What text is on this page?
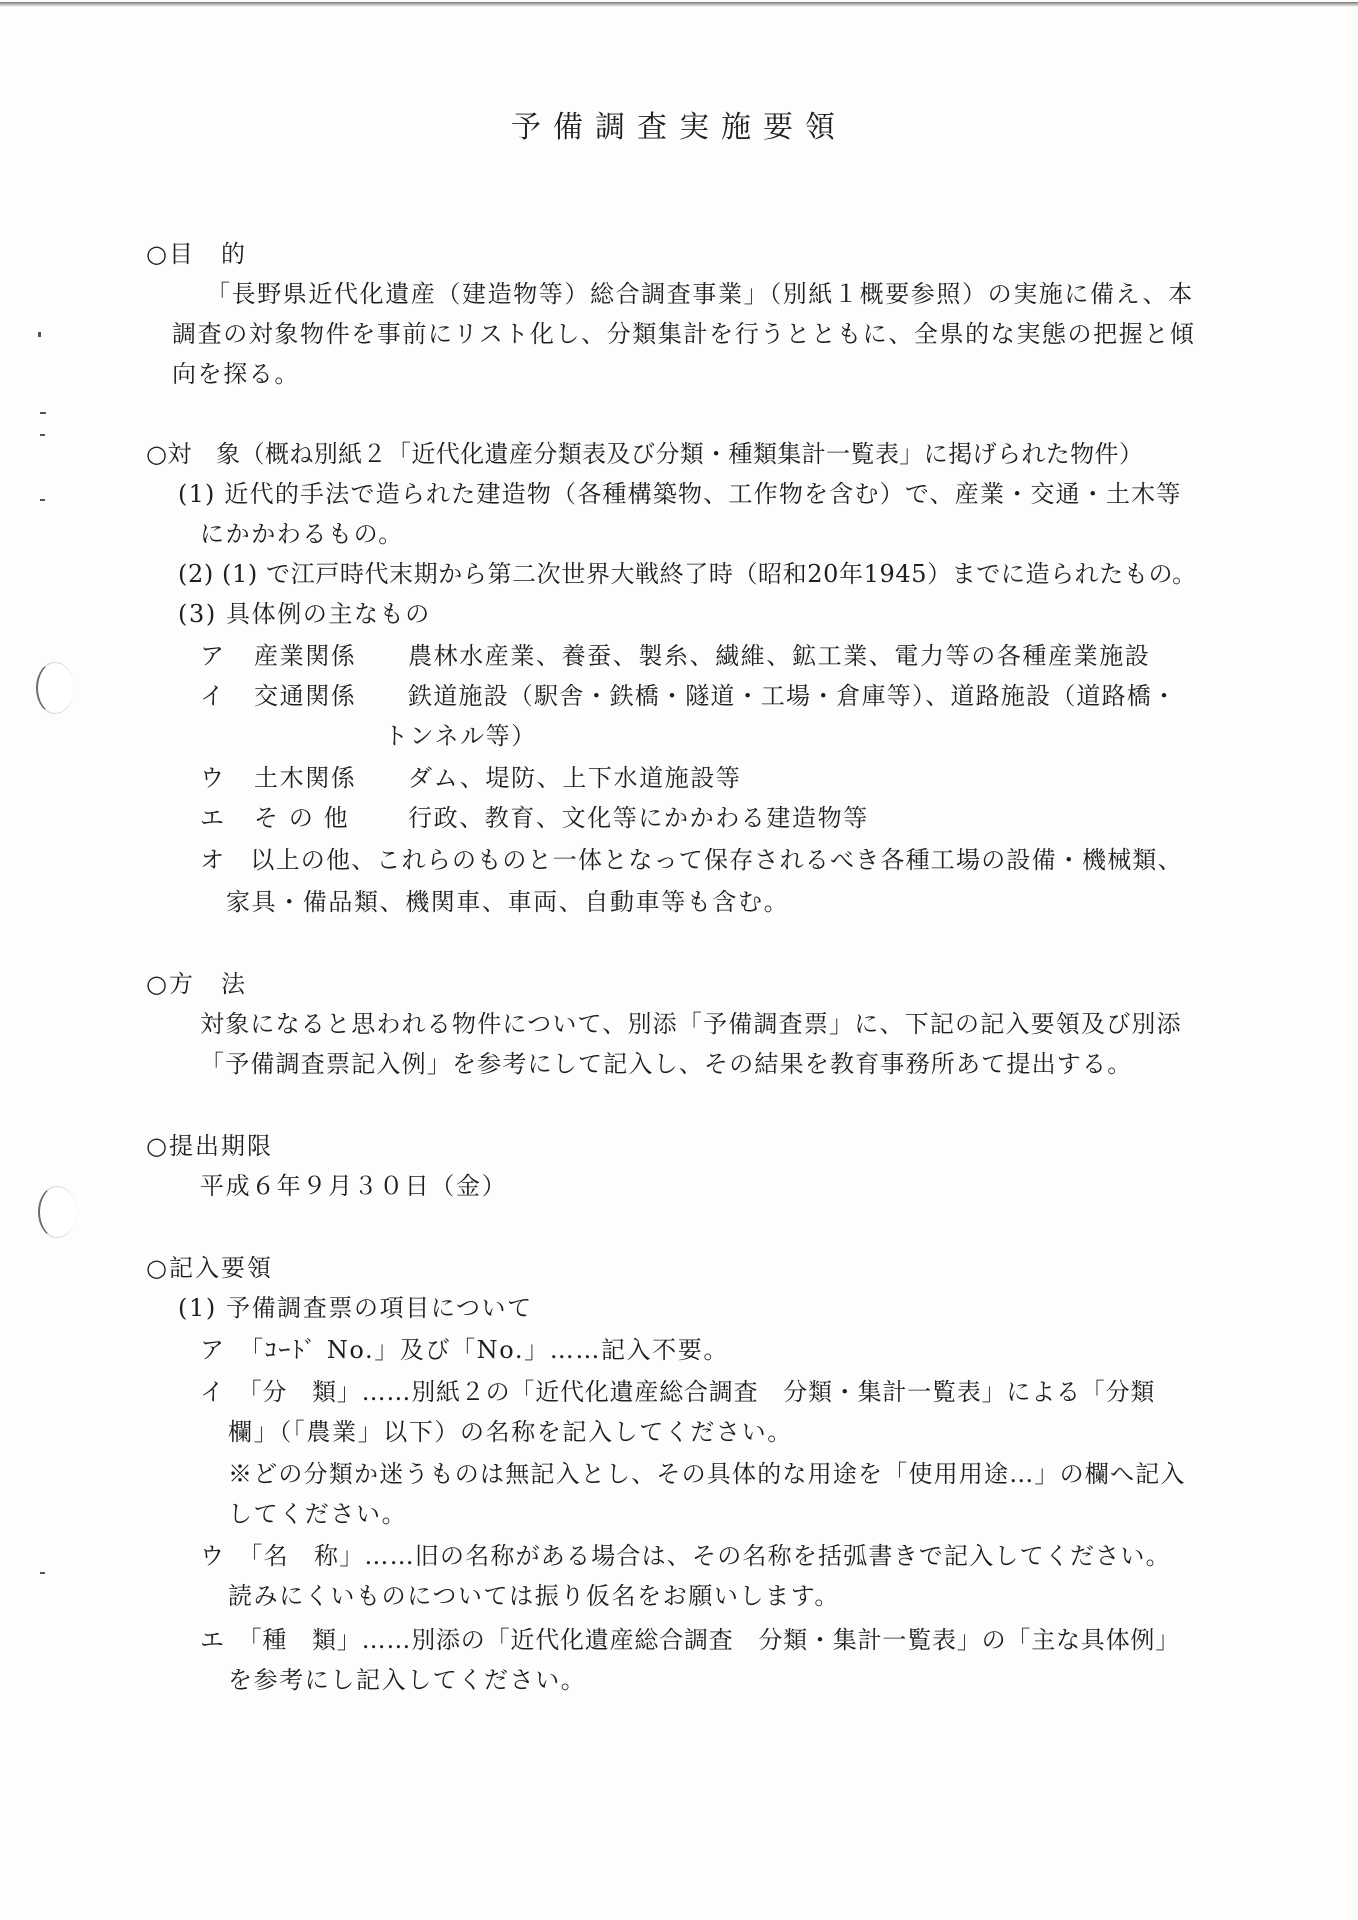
予備調査実施要領
○目　的
「長野県近代化遺産（建造物等）総合調査事業」（別紙１概要参照）の実施に備え、本
調査の対象物件を事前にリスト化し、分類集計を行うとともに、全県的な実態の把握と傾
向を探る。
○対　象（概ね別紙２「近代化遺産分類表及び分類・種類集計一覧表」に掲げられた物件）
(1) 近代的手法で造られた建造物（各種構築物、工作物を含む）で、産業・交通・土木等
にかかわるもの。
(2) (1) で江戸時代末期から第二次世界大戦終了時（昭和20年1945）までに造られたもの。
(3) 具体例の主なもの
ア 産業関係 農林水産業、養蚕、製糸、繊維、鉱工業、電力等の各種産業施設
イ 交通関係 鉄道施設（駅舎・鉄橋・隧道・工場・倉庫等）、道路施設（道路橋・
トンネル等）
ウ 土木関係 ダム、堤防、上下水道施設等
エ そ の 他 行政、教育、文化等にかかわる建造物等
オ　以上の他、これらのものと一体となって保存されるべき各種工場の設備・機械類、
家具・備品類、機関車、車両、自動車等も含む。
○方　法
対象になると思われる物件について、別添「予備調査票」に、下記の記入要領及び別添
「予備調査票記入例」を参考にして記入し、その結果を教育事務所あて提出する。
○提出期限
平成６年９月３０日（金）
○記入要領
(1) 予備調査票の項目について
ア　「ｺｰﾄﾞ No.」及び「No.」……記入不要。
イ　「分　類」……別紙２の「近代化遺産総合調査　分類・集計一覧表」による「分類
欄」（「農業」以下）の名称を記入してください。
※どの分類か迷うものは無記入とし、その具体的な用途を「使用用途…」の欄へ記入
してください。
ウ　「名　称」……旧の名称がある場合は、その名称を括弧書きで記入してください。
読みにくいものについては振り仮名をお願いします。
エ　「種　類」……別添の「近代化遺産総合調査　分類・集計一覧表」の「主な具体例」
を参考にし記入してください。
